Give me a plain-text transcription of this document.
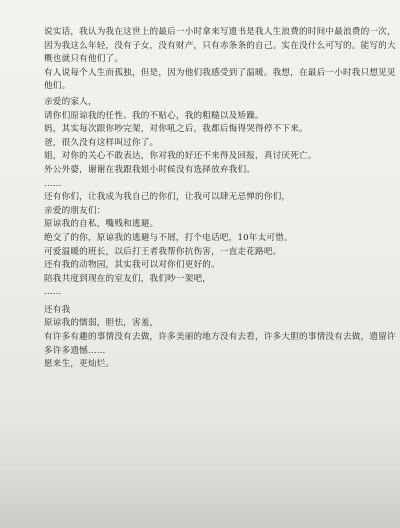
说实话，我认为我在这世上的最后一小时拿来写遗书是我人生浪费的时间中最浪费的一次，
因为我这么年轻，没有子女，没有财产，只有赤条条的自己。实在没什么可写的。能写的大
概也就只有他们了。
有人说每个人生而孤独，但是，因为他们我感受到了温暖。我想，在最后一小时我只想见见
他们。
亲爱的家人，
请你们原谅我的任性、我的不贴心，我的粗糙以及矫躁。
妈，其实每次跟你吵完架，对你吼之后，我都后悔得哭得停不下来。
爸，很久没有这样叫过你了。
姐，对你的关心不敢表达，你对我的好还不来得及回报，真讨厌死亡。
外公外婆，谢谢在我跟我姐小时候没有选择放弃我们。
……
还有你们，让我成为我自己的你们，让我可以肆无忌惮的你们，
亲爱的朋友们：
原谅我的自私，嘴贱和逃避。
绝交了的你，原谅我的逃避与不屑，打个电话吧，10年太可惜。
可爱温暖的班长，以后打王者我帮你抗伤害，一直走花路吧。
还有我的动物园，其实我可以对你们更好的。
陪我共度到现在的室友们，我们吵一架吧，
……
还有我
原谅我的懦弱，胆怯，害羞，
有许多有趣的事情没有去做，许多美丽的地方没有去看，许多大胆的事情没有去做，遗留许
多许多遗憾……
愿来生，更灿烂。
